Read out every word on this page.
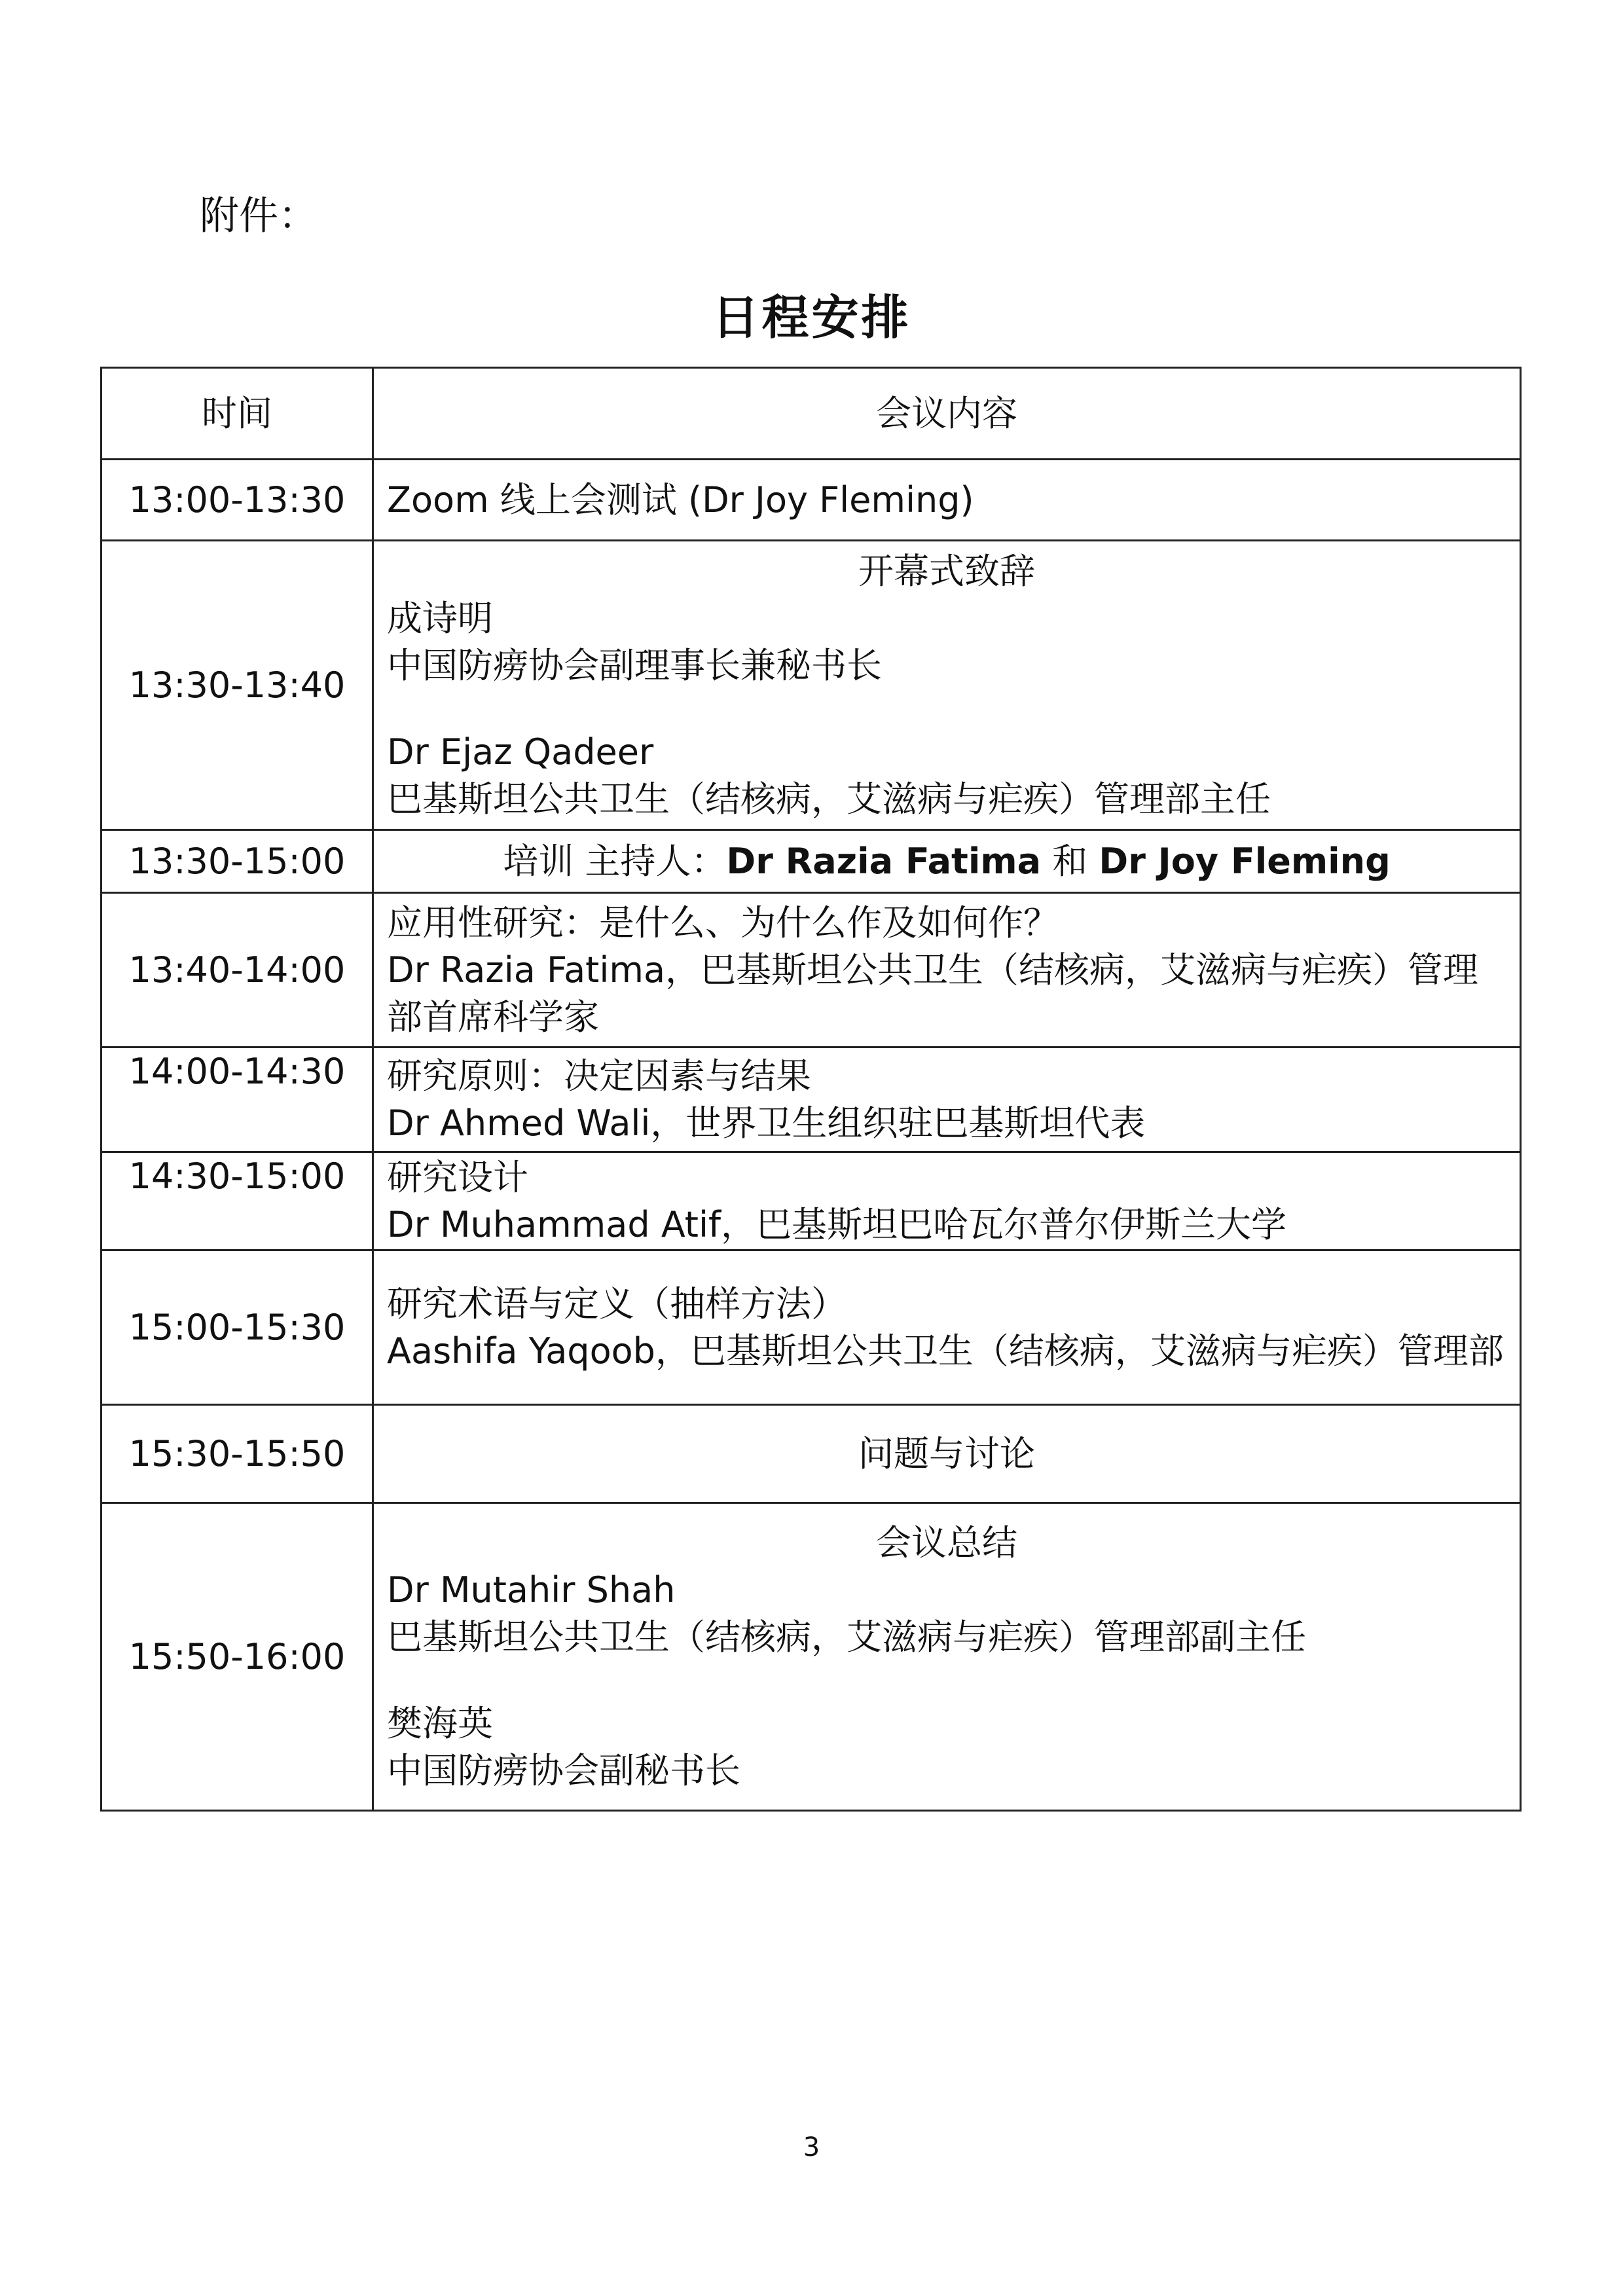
附件：
日程安排
时间	会议内容
13:00-13:30	Zoom 线上会测试 (Dr Joy Fleming)

13:30-13:40	开幕式致辞
成诗明
中国防痨协会副理事长兼秘书长
Dr Ejaz Qadeer
巴基斯坦公共卫生（结核病，艾滋病与疟疾）管理部主任

13:30-15:00	培训 主持人：Dr Razia Fatima 和 Dr Joy Fleming
13:40-14:00	应用性研究：是什么、为什么作及如何作？
Dr Razia Fatima，巴基斯坦公共卫生（结核病，艾滋病与疟疾）管理部首席科学家

14:00-14:30	研究原则：决定因素与结果
Dr Ahmed Wali，世界卫生组织驻巴基斯坦代表

14:30-15:00	研究设计
Dr Muhammad Atif，巴基斯坦巴哈瓦尔普尔伊斯兰大学

15:00-15:30	研究术语与定义（抽样方法）
Aashifa Yaqoob，巴基斯坦公共卫生（结核病，艾滋病与疟疾）管理部

15:30-15:50	问题与讨论
15:50-16:00	会议总结
Dr Mutahir Shah
巴基斯坦公共卫生（结核病，艾滋病与疟疾）管理部副主任
樊海英
中国防痨协会副秘书长
3
